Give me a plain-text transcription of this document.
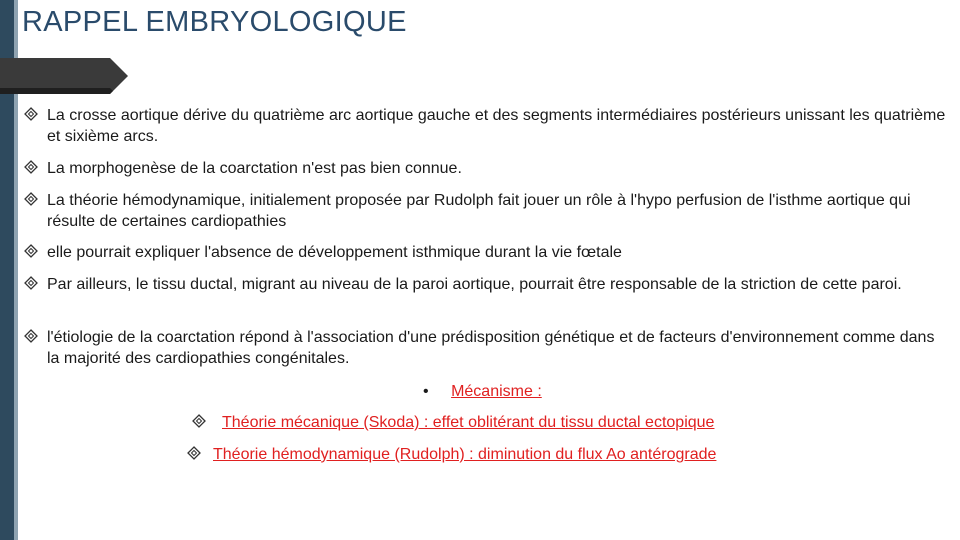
RAPPEL EMBRYOLOGIQUE
La crosse aortique dérive du quatrième arc aortique gauche et des segments intermédiaires postérieurs unissant les quatrième et sixième arcs.
La morphogenèse de la coarctation n'est pas bien connue.
La théorie hémodynamique, initialement proposée par Rudolph fait jouer un rôle à l'hypo perfusion de l'isthme aortique qui résulte de certaines cardiopathies
elle pourrait expliquer l'absence de développement isthmique durant la vie fœtale
Par ailleurs, le tissu ductal, migrant au niveau de la paroi aortique, pourrait être responsable de la striction de cette paroi.
l'étiologie de la coarctation répond à l'association d'une prédisposition génétique et de facteurs d'environnement comme dans la majorité des cardiopathies congénitales.
• Mécanisme :
Théorie mécanique (Skoda) : effet oblitérant du tissu ductal ectopique
Théorie hémodynamique (Rudolph) : diminution du flux Ao antérograde
